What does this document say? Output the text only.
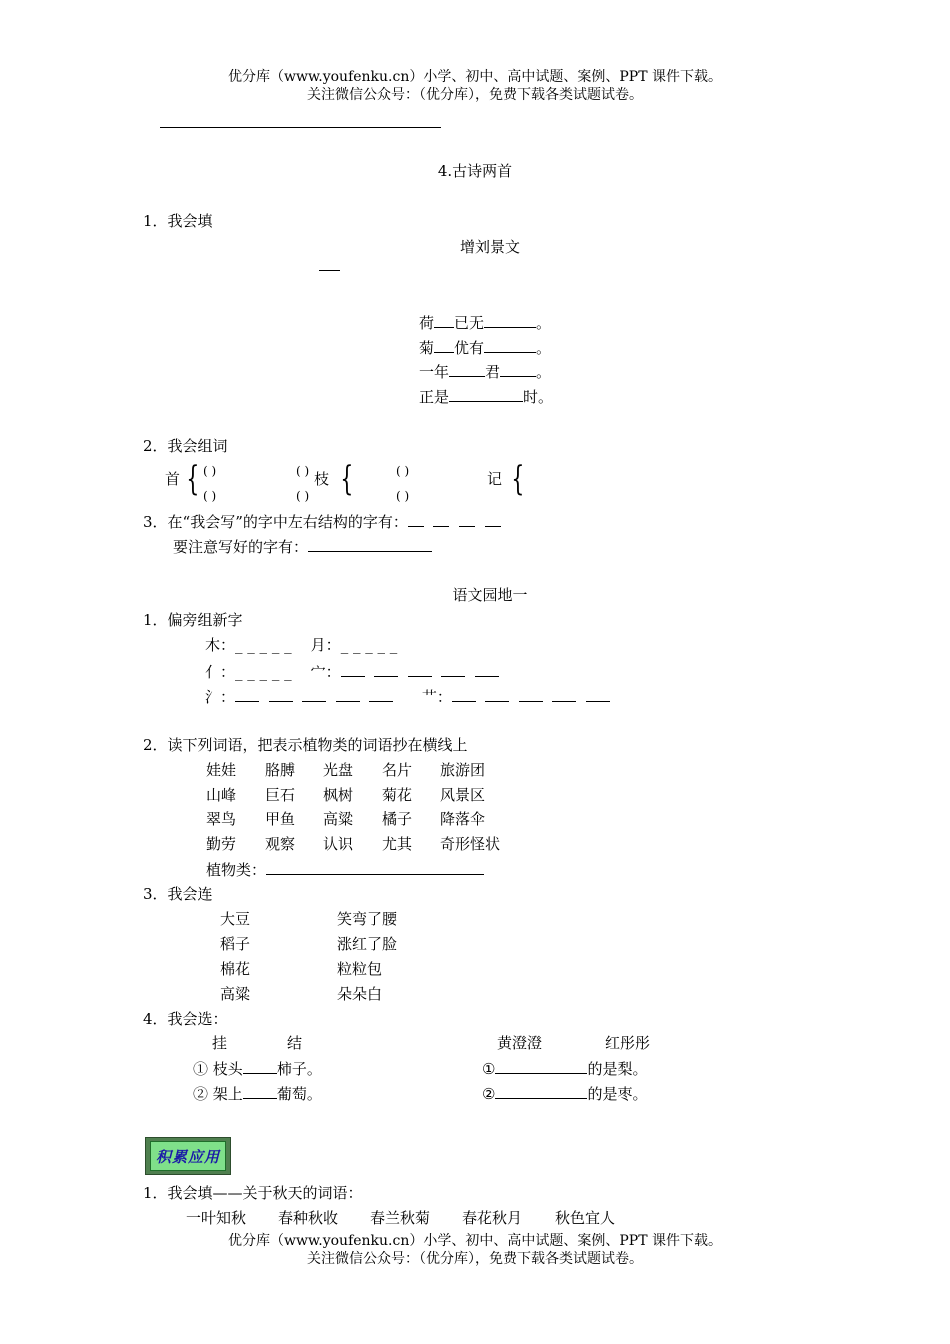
优分库（www.youfenku.cn）小学、初中、高中试题、案例、PPT 课件下载。
关注微信公众号：（优分库），免费下载各类试题试卷。
4.古诗两首
1．我会填
增刘景文
荷 已无	。
菊 优有	。
一年 君 。
正是	时。
2．我会组词
首 { ( )
( )
( )
( )
枝 {	( )
( )
记 {
3．在“我会写”的字中左右结构的字有：
要注意写好的字有：
语文园地一
1．偏旁组新字
木：_ _ _ _ _ 月：_ _ _ _ _
亻：_ _ _ _ _ 宀：
氵：	艹：
2．读下列词语，把表示植物类的词语抄在横线上
娃娃 胳膊 光盘 名片 旅游团
山峰 巨石 枫树 菊花 风景区
翠鸟 甲鱼 高粱 橘子 降落伞
勤劳 观察 认识 尤其 奇形怪状
植物类：
3．我会连
大豆
稻子
棉花
高粱
笑弯了腰
涨红了脸
粒粒包
朵朵白
4．我会选：
挂	结	黄澄澄	红彤彤
① 枝头 柿子。
② 架上 葡萄。
①	的是梨。
②	的是枣。
积累应用
1．我会填——关于秋天的词语：
一叶知秋 春种秋收 春兰秋菊 春花秋月 秋色宜人
优分库（www.youfenku.cn）小学、初中、高中试题、案例、PPT 课件下载。
关注微信公众号：（优分库），免费下载各类试题试卷。
